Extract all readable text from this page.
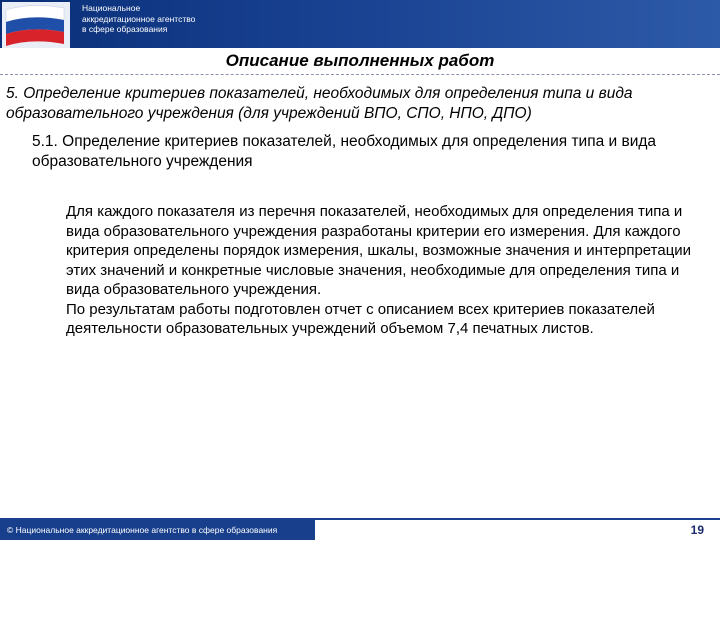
Национальное
аккредитационное агентство
в сфере образования
Описание выполненных работ
5. Определение критериев показателей, необходимых для определения типа и вида образовательного учреждения (для учреждений ВПО, СПО, НПО, ДПО)
5.1. Определение критериев показателей, необходимых для определения типа и вида образовательного учреждения

Для каждого показателя из перечня показателей, необходимых для определения типа и вида образовательного учреждения разработаны критерии его измерения. Для каждого критерия определены порядок измерения, шкалы, возможные значения и интерпретации этих значений и конкретные числовые значения, необходимые для определения типа и вида образовательного учреждения.

По результатам работы подготовлен отчет с описанием всех критериев показателей деятельности образовательных учреждений объемом 7,4 печатных листов.

© Национальное аккредитационное агентство в сфере образования	19
